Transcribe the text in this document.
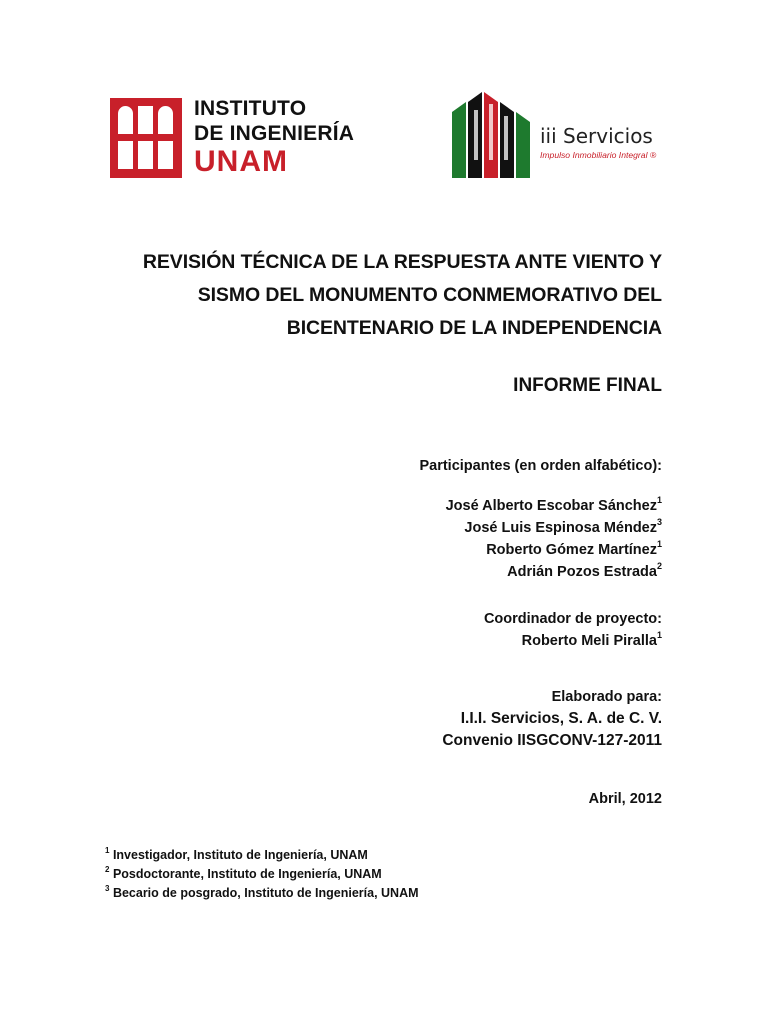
INSTITUTO
DE INGENIERÍA
UNAM
iii Servicios
Impulso Inmobiliario Integral ®
REVISIÓN TÉCNICA DE LA RESPUESTA ANTE VIENTO Y
SISMO DEL MONUMENTO CONMEMORATIVO DEL
BICENTENARIO DE LA INDEPENDENCIA
INFORME FINAL
Participantes (en orden alfabético):
José Alberto Escobar Sánchez$^1$
José Luis Espinosa Méndez$^3$
Roberto Gómez Martínez$^1$
Adrián Pozos Estrada$^2$
Coordinador de proyecto:
Roberto Meli Piralla$^1$
Elaborado para:
I.I.I. Servicios, S. A. de C. V.
Convenio IISGCONV-127-2011
Abril, 2012
$^1$ Investigador, Instituto de Ingeniería, UNAM
$^2$ Posdoctorante, Instituto de Ingeniería, UNAM
$^3$ Becario de posgrado, Instituto de Ingeniería, UNAM
